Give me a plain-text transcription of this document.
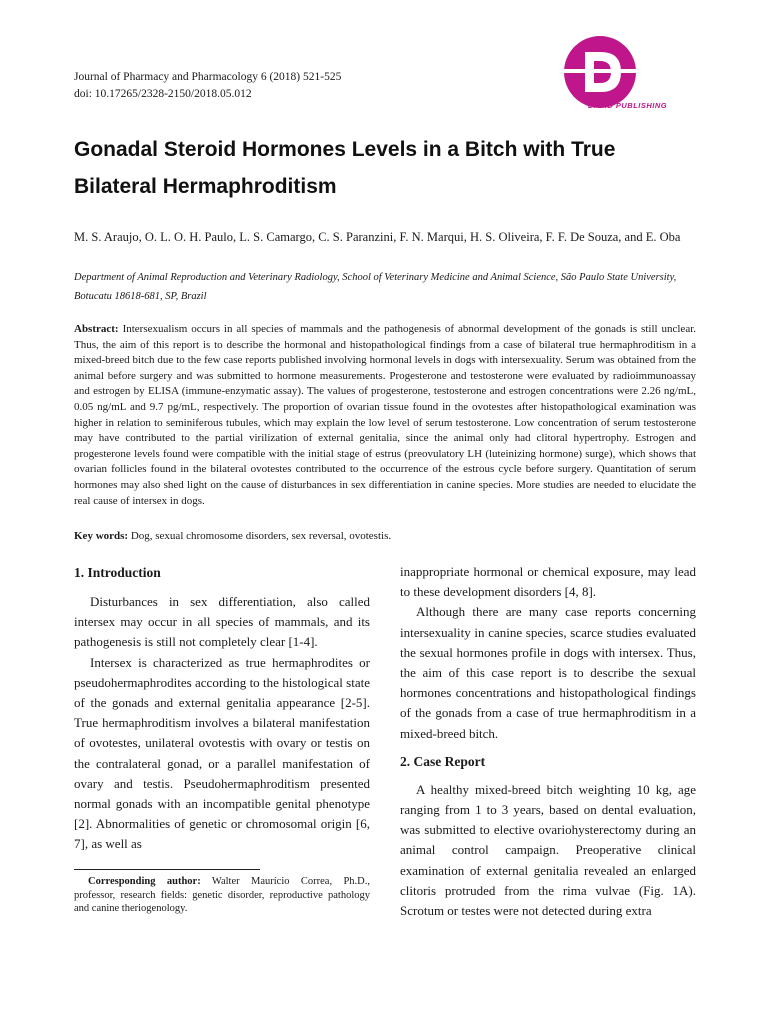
Journal of Pharmacy and Pharmacology 6 (2018) 521-525
doi: 10.17265/2328-2150/2018.05.012
DAVID PUBLISHING
Gonadal Steroid Hormones Levels in a Bitch with True
Bilateral Hermaphroditism
M. S. Araujo, O. L. O. H. Paulo, L. S. Camargo, C. S. Paranzini, F. N. Marqui, H. S. Oliveira, F. F. De Souza, and E. Oba
Department of Animal Reproduction and Veterinary Radiology, School of Veterinary Medicine and Animal Science, São Paulo State University, Botucatu 18618-681, SP, Brazil
Abstract: Intersexualism occurs in all species of mammals and the pathogenesis of abnormal development of the gonads is still unclear. Thus, the aim of this report is to describe the hormonal and histopathological findings from a case of bilateral true hermaphroditism in a mixed-breed bitch due to the few case reports published involving hormonal levels in dogs with intersexuality. Serum was obtained from the animal before surgery and was submitted to hormone measurements. Progesterone and testosterone were evaluated by radioimmunoassay and estrogen by ELISA (immune-enzymatic assay). The values of progesterone, testosterone and estrogen concentrations were 2.26 ng/mL, 0.05 ng/mL and 9.7 pg/mL, respectively. The proportion of ovarian tissue found in the ovotestes after histopathological examination was higher in relation to seminiferous tubules, which may explain the low level of serum testosterone. Low concentration of serum testosterone may have contributed to the partial virilization of external genitalia, since the animal only had clitoral hypertrophy. Estrogen and progesterone levels found were compatible with the initial stage of estrus (preovulatory LH (luteinizing hormone) surge), which shows that ovarian follicles found in the bilateral ovotestes contributed to the occurrence of the estrous cycle before surgery. Quantitation of serum hormones may also shed light on the cause of disturbances in sex differentiation in canine species. More studies are needed to elucidate the real cause of intersex in dogs.
Key words: Dog, sexual chromosome disorders, sex reversal, ovotestis.
1. Introduction

Disturbances in sex differentiation, also called intersex may occur in all species of mammals, and its pathogenesis is still not completely clear [1-4].

Intersex is characterized as true hermaphrodites or pseudohermaphrodites according to the histological state of the gonads and external genitalia appearance [2-5]. True hermaphroditism involves a bilateral manifestation of ovotestes, unilateral ovotestis with ovary or testis on the contralateral gonad, or a parallel manifestation of ovary and testis. Pseudohermaphroditism presented normal gonads with an incompatible genital phenotype [2]. Abnormalities of genetic or chromosomal origin [6, 7], as well as

inappropriate hormonal or chemical exposure, may lead to these development disorders [4, 8].

Although there are many case reports concerning intersexuality in canine species, scarce studies evaluated the sexual hormones profile in dogs with intersex. Thus, the aim of this case report is to describe the sexual hormones concentrations and histopathological findings of the gonads from a case of true hermaphroditism in a mixed-breed bitch.

2. Case Report

A healthy mixed-breed bitch weighting 10 kg, age ranging from 1 to 3 years, based on dental evaluation, was submitted to elective ovariohysterectomy during an animal control campaign. Preoperative clinical examination of external genitalia revealed an enlarged clitoris protruded from the rima vulvae (Fig. 1A). Scrotum or testes were not detected during extra

Corresponding author: Walter Maurício Correa, Ph.D., professor, research fields: genetic disorder, reproductive pathology and canine theriogenology.
